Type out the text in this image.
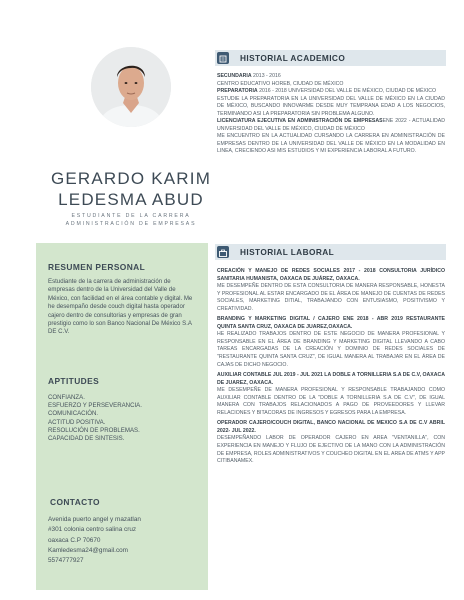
GERARDO KARIM
LEDESMA ABUD
ESTUDIANTE DE LA CARRERA ADMINISTRACIÓN DE EMPRESAS
RESUMEN PERSONAL
Estudiante de la carrera de administración de empresas dentro de la Universidad del Valle de México, con facilidad en el área contable y digital. Me he desempaño desde couch digital hasta operador cajero dentro de consultorias y empresas de gran prestigio como lo son Banco Nacional De México S.A DE C.V.
APTITUDES
CONFIANZA.
ESFUERZO Y PERSEVERANCIA.
COMUNICACIÓN.
ACTITUD POSITIVA.
RESOLUCIÓN DE PROBLEMAS.
CAPACIDAD DE SINTESIS.
CONTACTO
Avenida puerto angel y mazatlan
#301 colonia centro salina cruz
oaxaca C.P 70670
Kamledesma24@gmail.com
5574777927
HISTORIAL ACADEMICO

SECUNDARIA 2013 - 2016

CENTRO EDUCATIVO HOREB, CIUDAD DE MÉXICO

PREPARATORIA 2016 - 2018 UNIVERSIDAD DEL VALLE DE MÉXICO, CIUDAD DE MÉXICO

ESTUDIE LA PREPARATORIA EN LA UNIVERSIDAD DEL VALLE DE MÉXICO EN LA CIUDAD DE MÉXICO, BUSCANDO INNOVARME DESDE MUY TEMPRANA EDAD A LOS NEGOCIOS, TERMINANDO ASI LA PREPARATORIA SIN PROBLEMA ALGUNO.

LICENCIATURA EJECUTIVA EN ADMINISTRACIÓN DE EMPRESASENE 2022 - ACTUALIDAD UNIVERSIDAD DEL VALLE DE MÉXICO, CIUDAD DE MÉXICO

ME ENCUENTRO EN LA ACTUALIDAD CURSANDO LA CARRERA EN ADMINISTRACIÓN DE EMPRESAS DENTRO DE LA UNIVERSIDAD DEL VALLE DE MÉXICO EN LA MODALIDAD EN LINEA, CRECIENDO ASI MIS ESTUDIOS Y MI EXPERIENCIA LABORAL A FUTURO.

HISTORIAL LABORAL

CREACIÓN Y MANEJO DE REDES SOCIALES 2017 - 2018 CONSULTORIA JURÍDICO SANITARIA HUMANISTA, OAXACA DE JUÁREZ, OAXACA.

ME DESEMPEÑE DENTRO DE ESTA CONSULTORIA DE MANERA RESPONSABLE, HONESTA Y PROFESIONAL AL ESTAR ENCARGADO DE EL ÁREA DE MANEJO DE CUENTAS DE REDES SOCIALES, MARKETING DITIAL, TRABAJANDO CON ENTUSIASMO, POSITIVISMO Y CREATIVIDAD.

BRANDING Y MARKETING DIGITAL / CAJERO ENE 2018 - ABR 2019 RESTAURANTE QUINTA SANTA CRUZ, OAXACA DE JUAREZ,OAXACA.

HE REALIZADO TRABAJOS DENTRO DE ESTE NEGOCIO DE MANERA PROFESIONAL Y RESPONSABLE EN EL ÁREA DE BRANDING Y MARKETING DIGITAL LLEVANDO A CABO TAREAS ENCARGADAS DE LA CREACIÓN Y DOMINIO DE REDES SOCIALES DE "RESTAURANTE QUINTA SANTA CRUZ", DE IGUAL MANERA AL TRABAJAR EN EL ÁREA DE CAJAS DE DICHO NEGOCIO.

AUXILIAR CONTABLE JUL 2019 - JUL 2021 LA DOBLE A TORNILLERIA S.A DE C.V, OAXACA DE JUAREZ, OAXACA.

ME DESEMPEÑE DE MANERA PROFESIONAL Y RESPONSABLE TRABAJANDO COMO AUXILIAR CONTABLE DENTRO DE LA "DOBLE A TORNILLERIA S.A DE C.V", DE IGUAL MANERA CON TRABAJOS RELACIONADOS A PAGO DE PROVEEDORES Y LLEVAR RELACIONES Y BITACORAS DE INGRESOS Y EGRESOS PARA LA EMPRESA.

OPERADOR CAJERO/COUCH DIGITAL, BANCO NACIONAL DE MEXICO S.A DE C.V ABRIL 2022- JUL 2022.

DESEMPEÑANDO LABOR DE OPERADOR CAJERO EN AREA "VENTANILLA", CON EXPERIENCIA EN MANEJO Y FLUJO DE EJECTIVO DE LA MANO CON LA ADMINISTRACIÓN DE EMPRESA, ROLES ADMINISTRATIVOS Y COUCHEO DIGITAL EN EL AREA DE ATMS Y APP CITIBANAMEX.
